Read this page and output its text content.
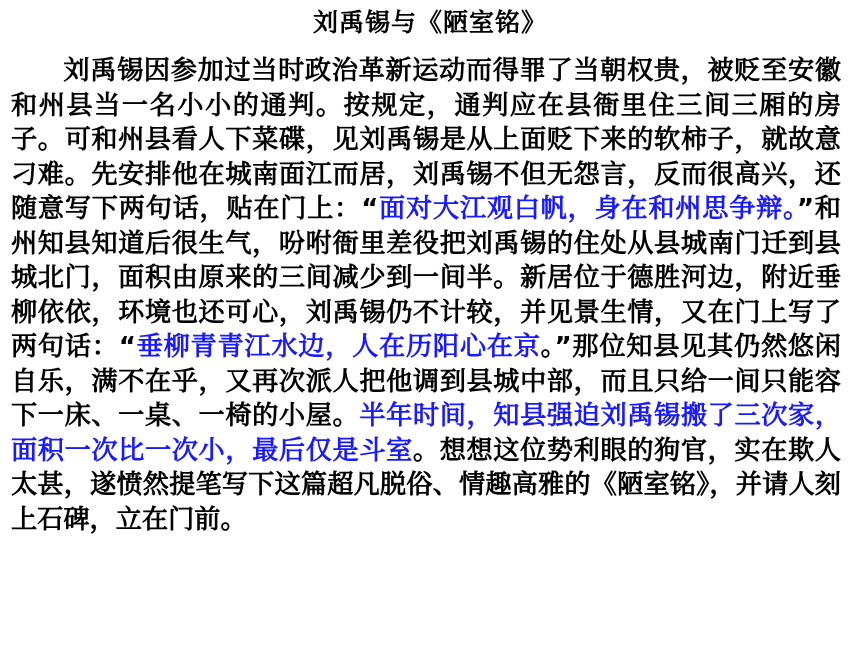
刘禹锡与《陋室铭》
刘禹锡因参加过当时政治革新运动而得罪了当朝权贵，被贬至安徽和州县当一名小小的通判。按规定，通判应在县衙里住三间三厢的房子。可和州县看人下菜碟，见刘禹锡是从上面贬下来的软柿子，就故意刁难。先安排他在城南面江而居，刘禹锡不但无怨言，反而很高兴，还随意写下两句话，贴在门上：“面对大江观白帆，身在和州思争辩。”和州知县知道后很生气，吩咐衙里差役把刘禹锡的住处从县城南门迁到县城北门，面积由原来的三间减少到一间半。新居位于德胜河边，附近垂柳依依，环境也还可心，刘禹锡仍不计较，并见景生情，又在门上写了两句话：“垂柳青青江水边，人在历阳心在京。”那位知县见其仍然悠闲自乐，满不在乎，又再次派人把他调到县城中部，而且只给一间只能容下一床、一桌、一椅的小屋。半年时间，知县强迫刘禹锡搬了三次家，面积一次比一次小，最后仅是斗室。想想这位势利眼的狗官，实在欺人太甚，遂愤然提笔写下这篇超凡脱俗、情趣高雅的《陋室铭》，并请人刻上石碑，立在门前。
